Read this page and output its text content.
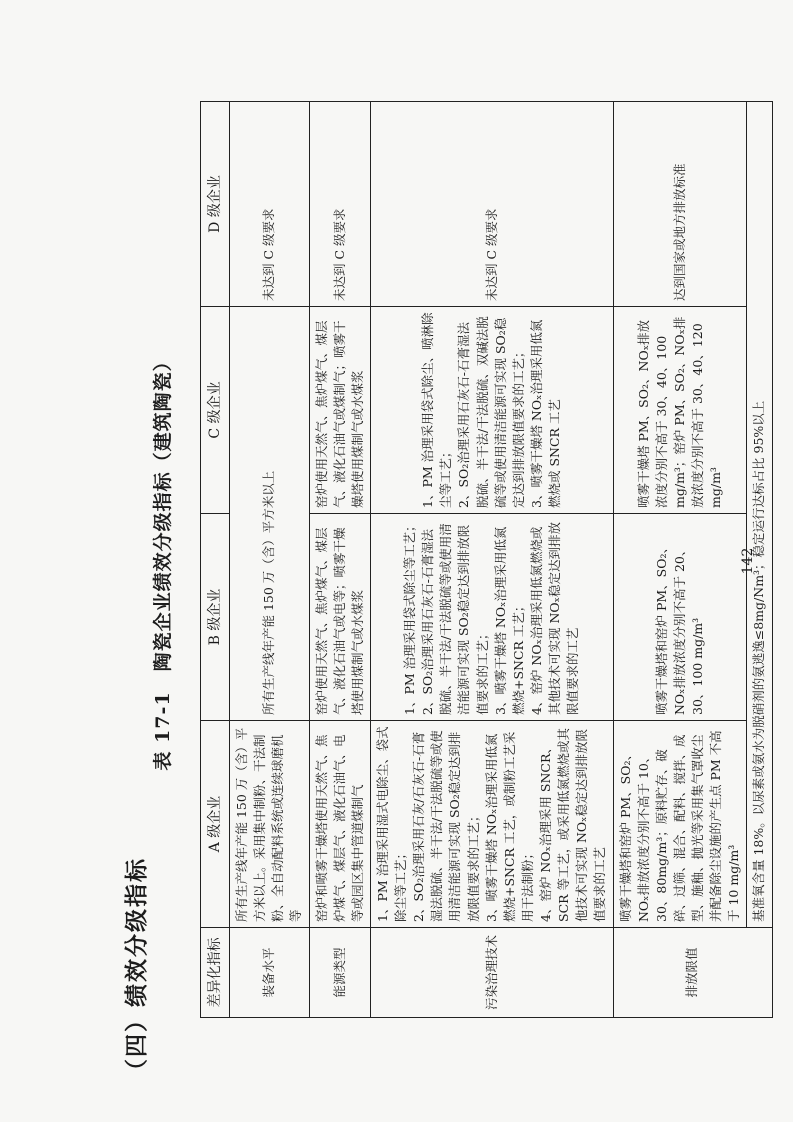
（四）绩效分级指标
表 17-1　陶瓷企业绩效分级指标（建筑陶瓷）
差异化指标	A 级企业	B 级企业	C 级企业	D 级企业
装备水平	所有生产线年产能 150 万（含）平方米以上。采用集中制粉、干法制粉、全自动配料系统或连续球磨机等	所有生产线年产能 150 万（含）平方米以上		未达到 C 级要求
能源类型	窑炉和喷雾干燥塔使用天然气、焦炉煤气、煤层气、液化石油气、电等或园区集中管道煤制气	窑炉使用天然气、焦炉煤气、煤层气、液化石油气或电等；喷雾干燥塔使用煤制气或水煤浆	窑炉使用天然气、焦炉煤气、煤层气、液化石油气或煤制气；喷雾干燥塔使用煤制气或水煤浆	未达到 C 级要求
污染治理技术	1、PM 治理采用湿式电除尘、袋式除尘等工艺； 2、SO₂治理采用石灰/石灰石-石膏湿法脱硫、半干法/干法脱硫等或使用清洁能源可实现 SO₂稳定达到排放限值要求的工艺； 3、喷雾干燥塔 NOₓ治理采用低氮燃烧+SNCR 工艺，或制粉工艺采用干法制粉； 4、窑炉 NOₓ治理采用 SNCR、SCR 等工艺，或采用低氮燃烧或其他技术可实现 NOₓ稳定达到排放限值要求的工艺	1、PM 治理采用袋式除尘等工艺； 2、SO₂治理采用石灰石-石膏湿法脱硫、半干法/干法脱硫等或使用清洁能源可实现 SO₂稳定达到排放限值要求的工艺； 3、喷雾干燥塔 NOₓ治理采用低氮燃烧+SNCR 工艺； 4、窑炉 NOₓ治理采用低氮燃烧或其他技术可实现 NOₓ稳定达到排放限值要求的工艺	1、PM 治理采用袋式除尘、喷淋除尘等工艺； 2、SO₂治理采用石灰石-石膏湿法脱硫、半干法/干法脱硫、双碱法脱硫等或使用清洁能源可实现 SO₂稳定达到排放限值要求的工艺； 3、喷雾干燥塔 NOₓ治理采用低氮燃烧或 SNCR 工艺	未达到 C 级要求
排放限值	喷雾干燥塔和窑炉 PM、SO₂、NOₓ排放浓度分别不高于 10、30、80mg/m³；原料贮存、破碎、过筛、混合、配料、搅拌、成型、施釉、抛光等采用集气罩收尘并配备除尘设施的产生点 PM 不高于 10 mg/m³	喷雾干燥塔和窑炉 PM、SO₂、NOₓ排放浓度分别不高于 20、30、100 mg/m³	喷雾干燥塔 PM、SO₂、NOₓ排放浓度分别不高于 30、40、100 mg/m³；窑炉 PM、SO₂、NOₓ排放浓度分别不高于 30、40、120 mg/m³	达到国家或地方排放标准
	基准氧含量 18%。以尿素或氨水为脱硝剂的氨逃逸≤8mg/Nm³；稳定运行达标占比 95%以上			
142
